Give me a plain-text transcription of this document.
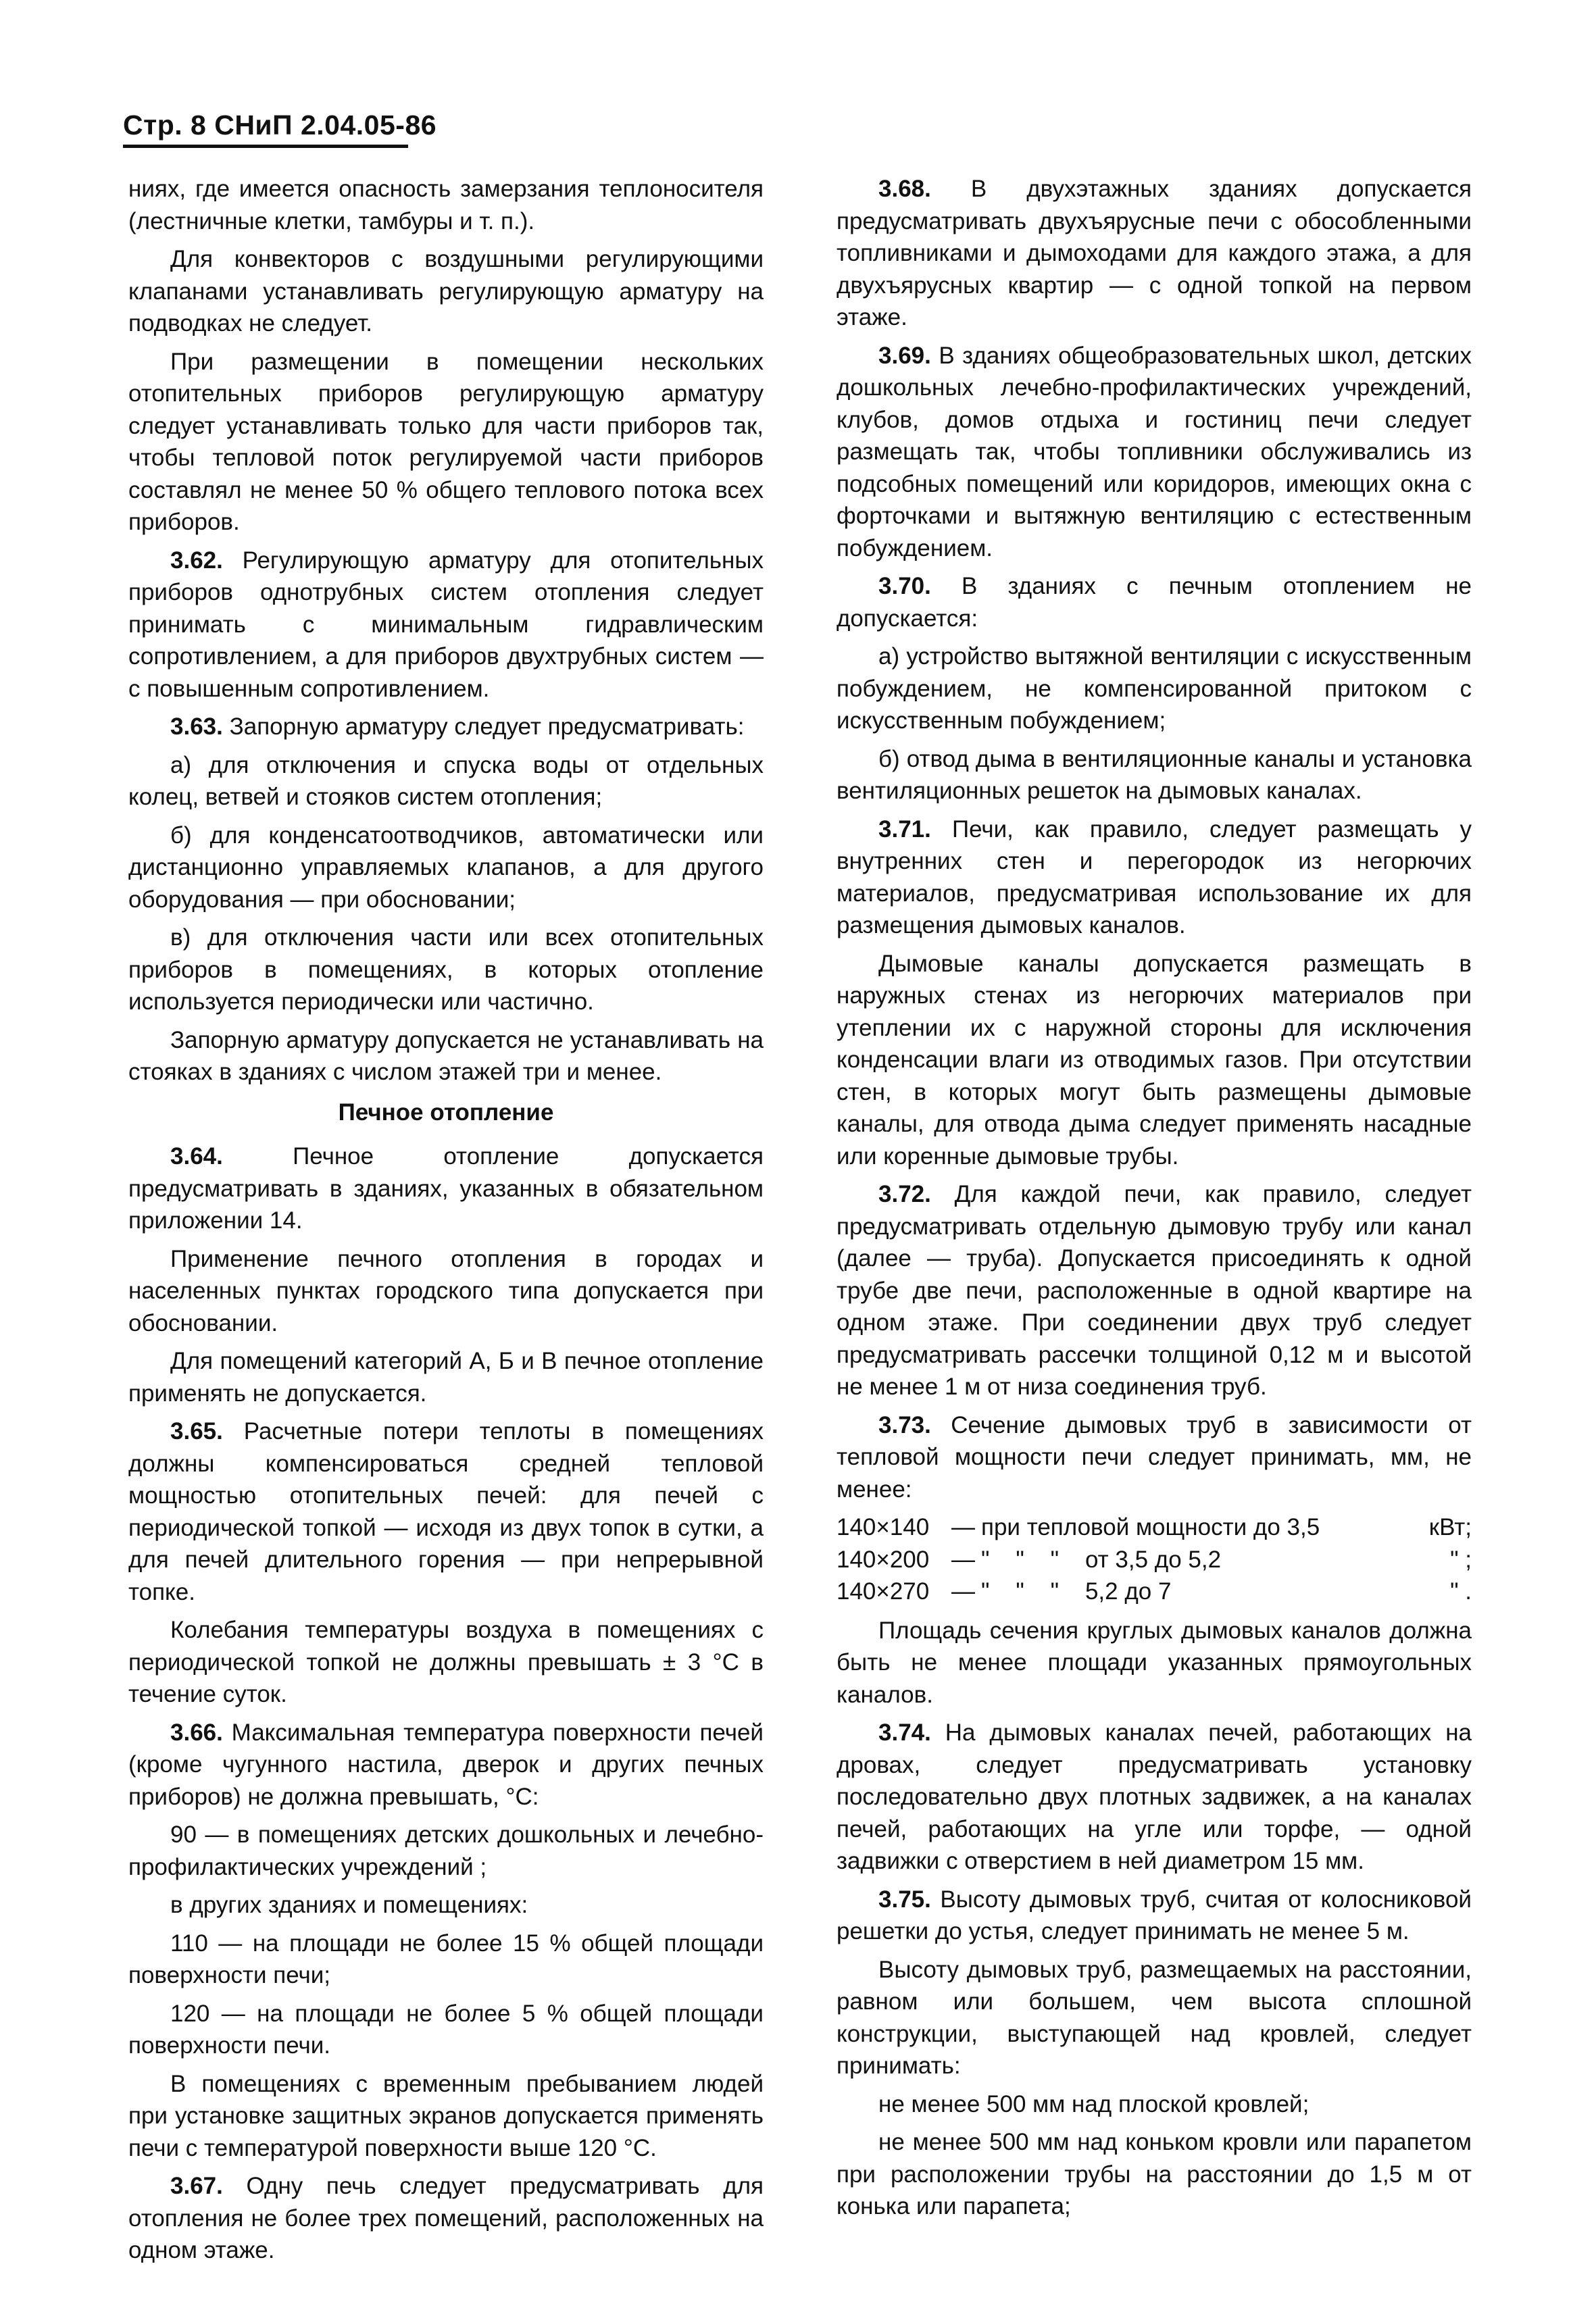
Стр. 8 СНиП 2.04.05-86

ниях, где имеется опасность замерзания теплоносителя (лестничные клетки, тамбуры и т. п.).

Для конвекторов с воздушными регулирующими клапанами устанавливать регулирующую арматуру на подводках не следует.

При размещении в помещении нескольких отопительных приборов регулирующую арматуру следует устанавливать только для части приборов так, чтобы тепловой поток регулируемой части приборов составлял не менее 50 % общего теплового потока всех приборов.

3.62. Регулирующую арматуру для отопительных приборов однотрубных систем отопления следует принимать с минимальным гидравлическим сопротивлением, а для приборов двухтрубных систем — с повышенным сопротивлением.

3.63. Запорную арматуру следует предусматривать:

а) для отключения и спуска воды от отдельных колец, ветвей и стояков систем отопления;

б) для конденсатоотводчиков, автоматически или дистанционно управляемых клапанов, а для другого оборудования — при обосновании;

в) для отключения части или всех отопительных приборов в помещениях, в которых отопление используется периодически или частично.

Запорную арматуру допускается не устанавливать на стояках в зданиях с числом этажей три и менее.

Печное отопление

3.64.	Печное отопление допускается предусматривать в зданиях, указанных в обязательном приложении 14.

Применение печного отопления в городах и населенных пунктах городского типа допускается при обосновании.

Для помещений категорий А, Б и В печное отопление применять не допускается.

3.65. Расчетные потери теплоты в помещениях должны компенсироваться средней тепловой мощностью отопительных печей: для печей с периодической топкой — исходя из двух топок в сутки, а для печей длительного горения — при непрерывной топке.

Колебания температуры воздуха в помещениях с периодической топкой не должны превышать ± 3 °С в течение суток.

3.66. Максимальная температура поверхности печей (кроме чугунного настила, дверок и других печных приборов) не должна превышать, °С:

90 — в помещениях детских дошкольных и лечебно-профилактических учреждений ;

в других зданиях и помещениях:

110 — на площади не более 15 % общей площади поверхности печи;

120 — на площади не более 5 % общей площади поверхности печи.

В помещениях с временным пребыванием людей при установке защитных экранов допускается применять печи с температурой поверхности выше 120 °С.

3.67. Одну печь следует предусматривать для отопления не более трех помещений, расположенных на одном этаже.

3.68. В двухэтажных зданиях допускается предусматривать двухъярусные печи с обособленными топливниками и дымоходами для каждого этажа, а для двухъярусных квартир — с одной топкой на первом этаже.

3.69. В зданиях общеобразовательных школ, детских дошкольных лечебно-профилактических учреждений, клубов, домов отдыха и гостиниц печи следует размещать так, чтобы топливники обслуживались из подсобных помещений или коридоров, имеющих окна с форточками и вытяжную вентиляцию с естественным побуждением.

3.70. В зданиях с печным отоплением не допускается:

а) устройство вытяжной вентиляции с искусственным побуждением, не компенсированной притоком с искусственным побуждением;

б) отвод дыма в вентиляционные каналы и установка вентиляционных решеток на дымовых каналах.

3.71. Печи, как правило, следует размещать у внутренних стен и перегородок из негорючих материалов, предусматривая использование их для размещения дымовых каналов.

Дымовые каналы допускается размещать в наружных стенах из негорючих материалов при утеплении их с наружной стороны для исключения конденсации влаги из отводимых газов. При отсутствии стен, в которых могут быть размещены дымовые каналы, для отвода дыма следует применять насадные или коренные дымовые трубы.

3.72. Для каждой печи, как правило, следует предусматривать отдельную дымовую трубу или канал (далее — труба). Допускается присоединять к одной трубе две печи, расположенные в одной квартире на одном этаже. При соединении двух труб следует предусматривать рассечки толщиной 0,12 м и высотой не менее 1 м от низа соединения труб.

3.73. Сечение дымовых труб в зависимости от тепловой мощности печи следует принимать, мм, не менее:

140×140 — при тепловой мощности до 3,5	кВт;
140×200 — "    "    "    от 3,5 до 5,2	" ;
140×270 — "    "    "    5,2 до 7	" .

Площадь сечения круглых дымовых каналов должна быть не менее площади указанных прямоугольных каналов.

3.74. На дымовых каналах печей, работающих на дровах, следует предусматривать установку последовательно двух плотных задвижек, а на каналах печей, работающих на угле или торфе, — одной задвижки с отверстием в ней диаметром 15 мм.

3.75. Высоту дымовых труб, считая от колосниковой решетки до устья, следует принимать не менее 5 м.

Высоту дымовых труб, размещаемых на расстоянии, равном или большем, чем высота сплошной конструкции, выступающей над кровлей, следует принимать:

не менее 500 мм над плоской кровлей;

не менее 500 мм над коньком кровли или парапетом при расположении трубы на расстоянии до 1,5 м от конька или парапета;
